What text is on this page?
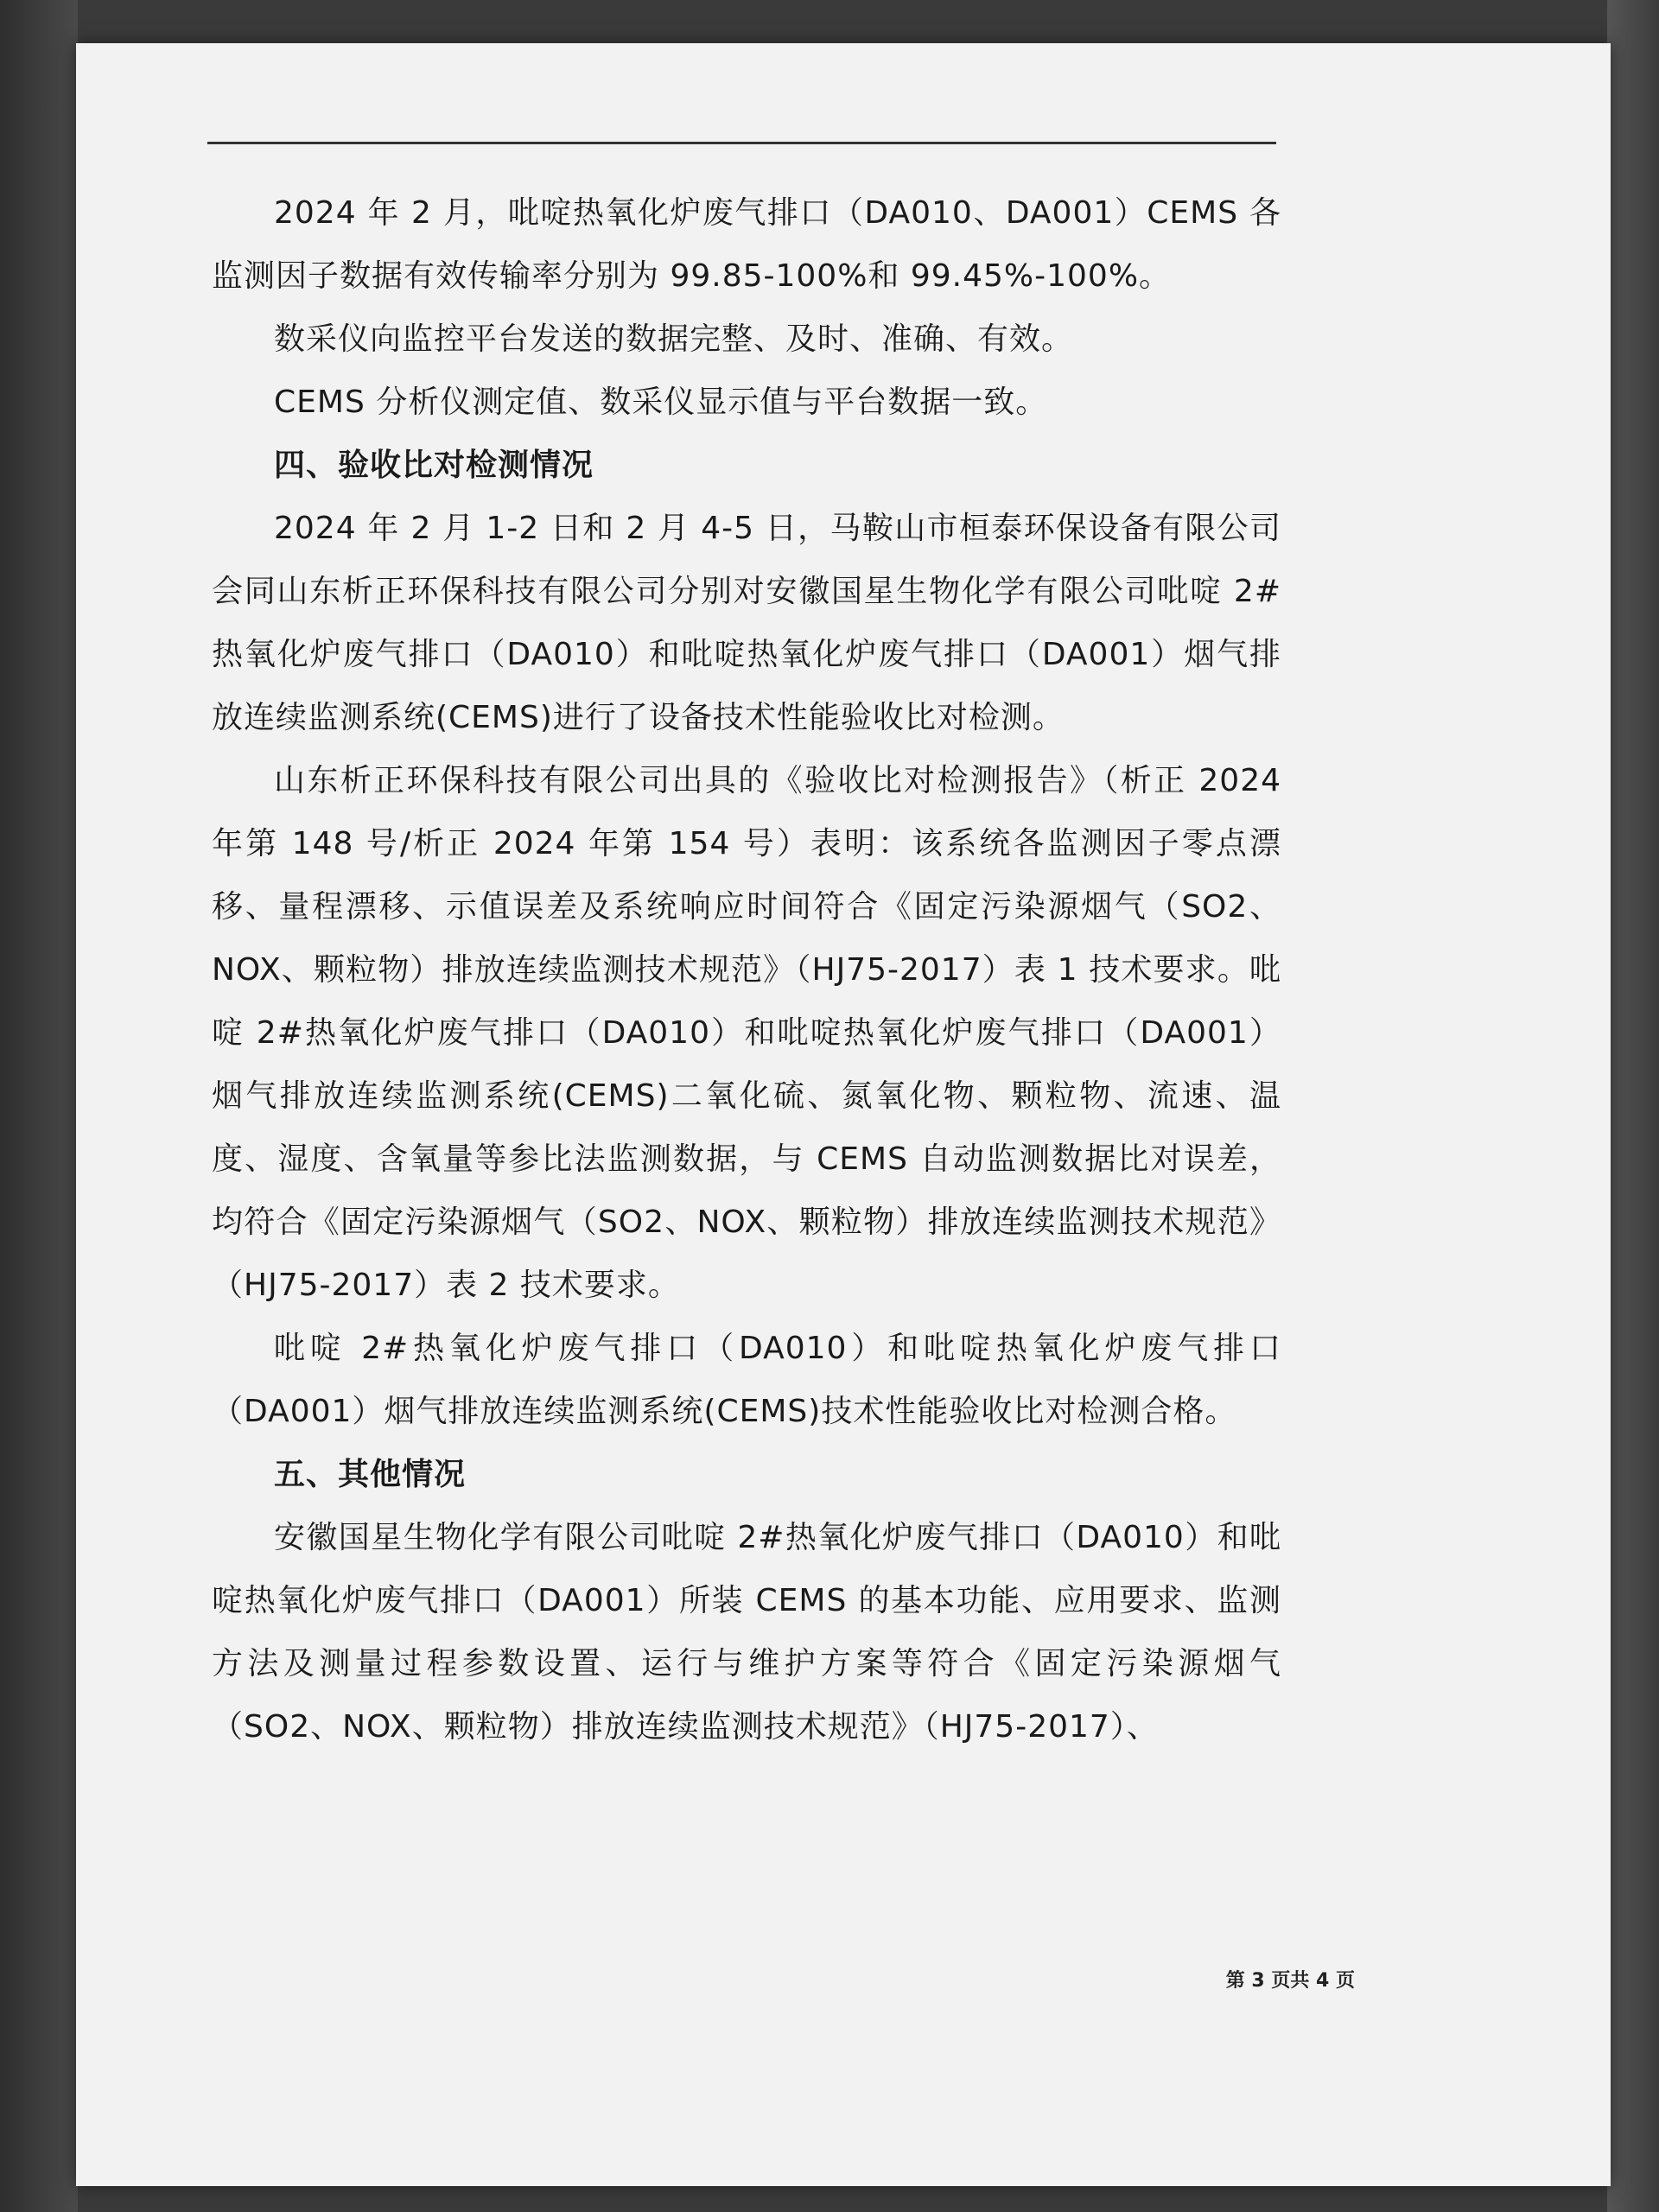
2024 年 2 月，吡啶热氧化炉废气排口（DA010、DA001）CEMS 各监测因子数据有效传输率分别为 99.85-100%和 99.45%-100%。

数采仪向监控平台发送的数据完整、及时、准确、有效。

CEMS 分析仪测定值、数采仪显示值与平台数据一致。

四、验收比对检测情况

2024 年 2 月 1-2 日和 2 月 4-5 日，马鞍山市桓泰环保设备有限公司会同山东析正环保科技有限公司分别对安徽国星生物化学有限公司吡啶 2#热氧化炉废气排口（DA010）和吡啶热氧化炉废气排口（DA001）烟气排放连续监测系统(CEMS)进行了设备技术性能验收比对检测。

山东析正环保科技有限公司出具的《验收比对检测报告》（析正 2024 年第 148 号/析正 2024 年第 154 号）表明：该系统各监测因子零点漂移、量程漂移、示值误差及系统响应时间符合《固定污染源烟气（SO2、NOX、颗粒物）排放连续监测技术规范》（HJ75-2017）表 1 技术要求。吡啶 2#热氧化炉废气排口（DA010）和吡啶热氧化炉废气排口（DA001）烟气排放连续监测系统(CEMS)二氧化硫、氮氧化物、颗粒物、流速、温度、湿度、含氧量等参比法监测数据，与 CEMS 自动监测数据比对误差，均符合《固定污染源烟气（SO2、NOX、颗粒物）排放连续监测技术规范》（HJ75-2017）表 2 技术要求。

吡啶 2#热氧化炉废气排口（DA010）和吡啶热氧化炉废气排口（DA001）烟气排放连续监测系统(CEMS)技术性能验收比对检测合格。

五、其他情况

安徽国星生物化学有限公司吡啶 2#热氧化炉废气排口（DA010）和吡啶热氧化炉废气排口（DA001）所装 CEMS 的基本功能、应用要求、监测方法及测量过程参数设置、运行与维护方案等符合《固定污染源烟气（SO2、NOX、颗粒物）排放连续监测技术规范》（HJ75-2017）、

第 3 页共 4 页
